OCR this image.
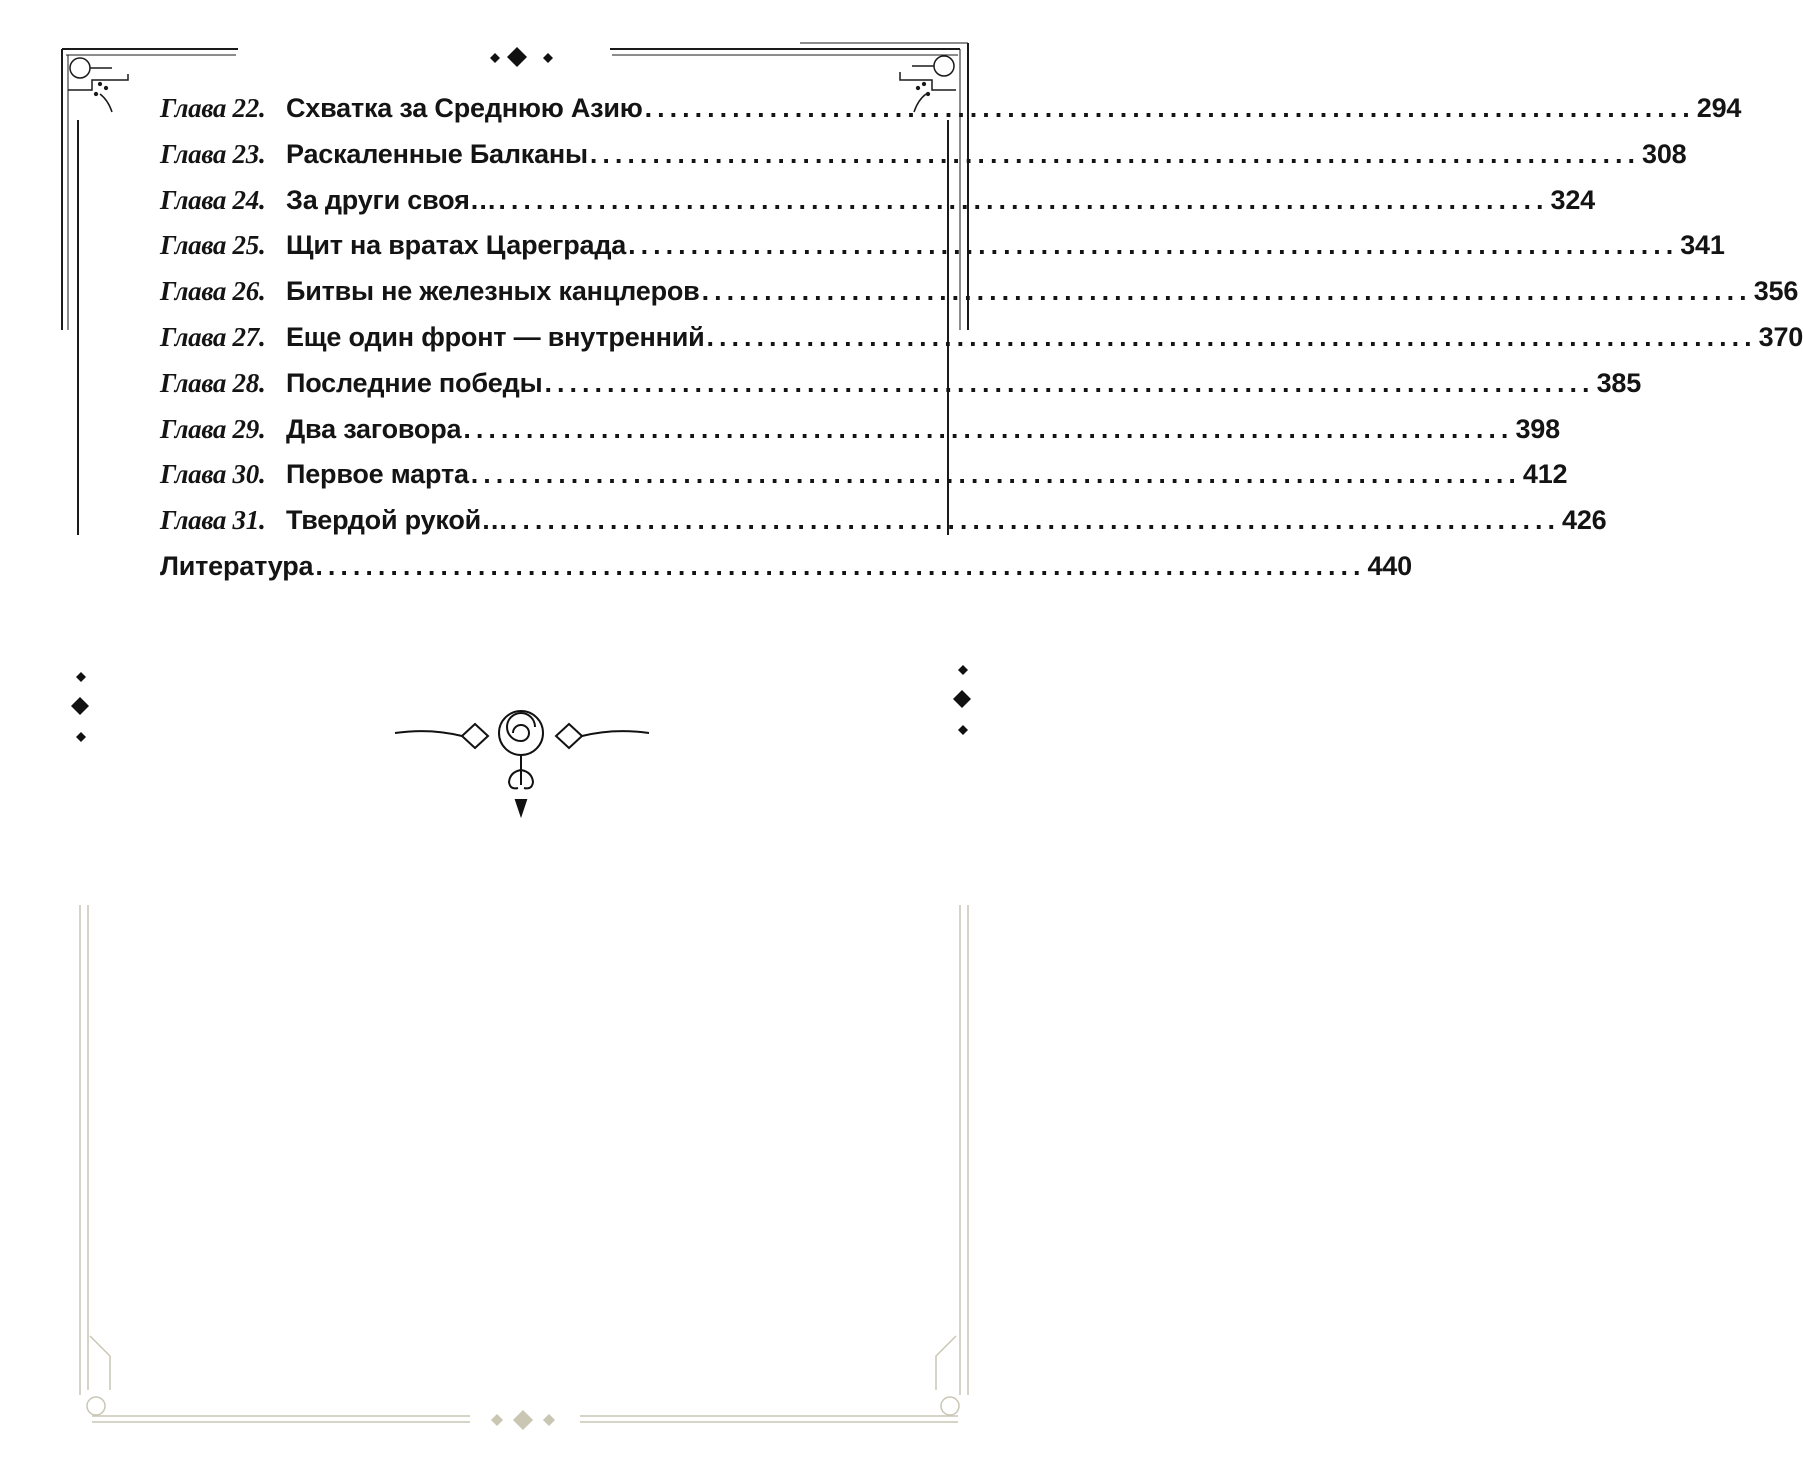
Глава 22. Схватка за Среднюю Азию .................................................................................... 294
Глава 23. Раскаленные Балканы .................................................................................... 308
Глава 24. За други своя… .................................................................................... 324
Глава 25. Щит на вратах Цареграда .................................................................................... 341
Глава 26. Битвы не железных канцлеров .................................................................................... 356
Глава 27. Еще один фронт — внутренний .................................................................................... 370
Глава 28. Последние победы .................................................................................... 385
Глава 29. Два заговора .................................................................................... 398
Глава 30. Первое марта .................................................................................... 412
Глава 31. Твердой рукой… .................................................................................... 426
Литература .................................................................................... 440
